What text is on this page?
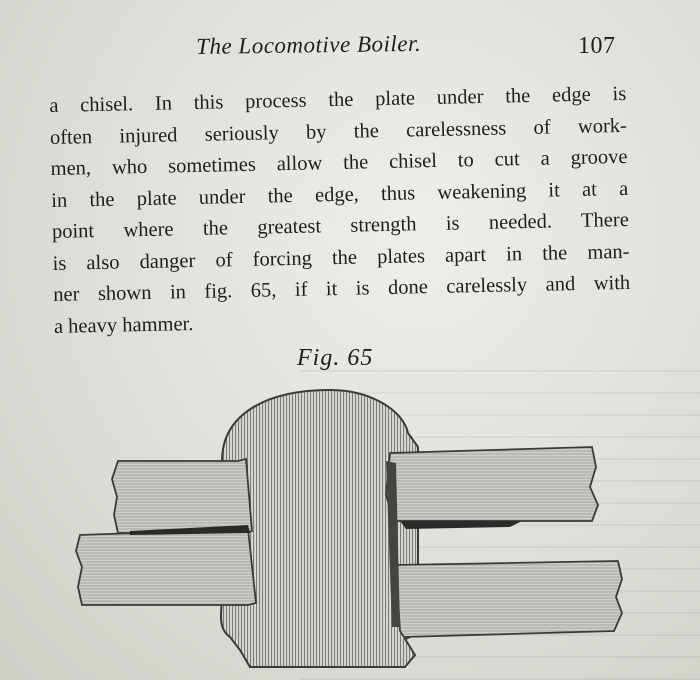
The Locomotive Boiler.	107
a chisel. In this process the plate under the edge is
often injured seriously by the carelessness of work-
men, who sometimes allow the chisel to cut a groove
in the plate under the edge, thus weakening it at a
point where the greatest strength is needed. There
is also danger of forcing the plates apart in the man-
ner shown in fig. 65, if it is done carelessly and with
a heavy hammer.
Fig. 65
